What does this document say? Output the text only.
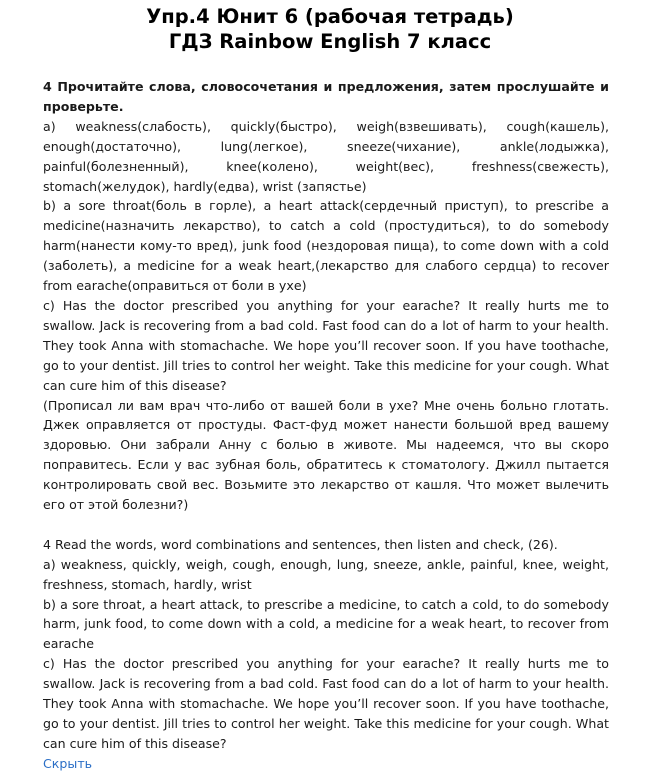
Упр.4 Юнит 6 (рабочая тетрадь)
ГДЗ Rainbow English 7 класс

4 Прочитайте слова, словосочетания и предложения, затем прослушайте и проверьте.

a) weakness(слабость), quickly(быстро), weigh(взвешивать), cough(кашель), enough(достаточно), lung(легкое), sneeze(чихание), ankle(лодыжка), painful(болезненный), knee(колено), weight(вес), freshness(свежесть), stomach(желудок), hardly(едва), wrist (запястье)

b) a sore throat(боль в горле), a heart attack(сердечный приступ), to prescribe a medicine(назначить лекарство), to catch a cold (простудиться), to do somebody harm(нанести кому-то вред), junk food (нездоровая пища), to come down with a cold (заболеть), a medicine for a weak heart,(лекарство для слабого сердца) to recover from earache(оправиться от боли в ухе)

c) Has the doctor prescribed you anything for your earache? It really hurts me to swallow. Jack is recovering from a bad cold. Fast food can do a lot of harm to your health. They took Anna with stomachache. We hope you’ll recover soon. If you have toothache, go to your dentist. Jill tries to control her weight. Take this medicine for your cough. What can cure him of this disease?

(Прописал ли вам врач что-либо от вашей боли в ухе? Мне очень больно глотать. Джек оправляется от простуды. Фаст-фуд может нанести большой вред вашему здоровью. Они забрали Анну с болью в животе. Мы надеемся, что вы скоро поправитесь. Если у вас зубная боль, обратитесь к стоматологу. Джилл пытается контролировать свой вес. Возьмите это лекарство от кашля. Что может вылечить его от этой болезни?)

4 Read the words, word combinations and sentences, then listen and check, (26).

a) weakness, quickly, weigh, cough, enough, lung, sneeze, ankle, painful, knee, weight, freshness, stomach, hardly, wrist

b) a sore throat, a heart attack, to prescribe a medicine, to catch a cold, to do somebody harm, junk food, to come down with a cold, a medicine for a weak heart, to recover from earache

c) Has the doctor prescribed you anything for your earache? It really hurts me to swallow. Jack is recovering from a bad cold. Fast food can do a lot of harm to your health. They took Anna with stomachache. We hope you’ll recover soon. If you have toothache, go to your dentist. Jill tries to control her weight. Take this medicine for your cough. What can cure him of this disease?

Скрыть
